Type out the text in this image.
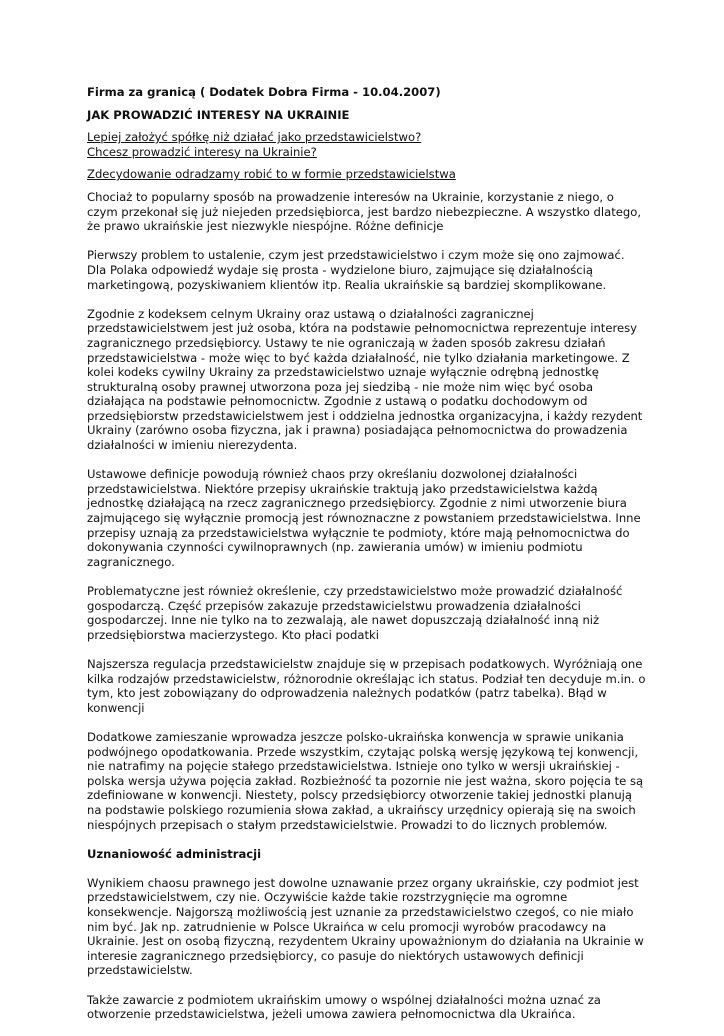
Firma za granicą ( Dodatek Dobra Firma - 10.04.2007)

JAK PROWADZIĆ INTERESY NA UKRAINIE

Lepiej założyć spółkę niż działać jako przedstawicielstwo?
Chcesz prowadzić interesy na Ukrainie?

Zdecydowanie odradzamy robić to w formie przedstawicielstwa

Chociaż to popularny sposób na prowadzenie interesów na Ukrainie, korzystanie z niego, o czym przekonał się już niejeden przedsiębiorca, jest bardzo niebezpieczne. A wszystko dlatego, że prawo ukraińskie jest niezwykle niespójne. Różne definicje

Pierwszy problem to ustalenie, czym jest przedstawicielstwo i czym może się ono zajmować. Dla Polaka odpowiedź wydaje się prosta - wydzielone biuro, zajmujące się działalnością marketingową, pozyskiwaniem klientów itp. Realia ukraińskie są bardziej skomplikowane.

Zgodnie z kodeksem celnym Ukrainy oraz ustawą o działalności zagranicznej przedstawicielstwem jest już osoba, która na podstawie pełnomocnictwa reprezentuje interesy zagranicznego przedsiębiorcy. Ustawy te nie ograniczają w żaden sposób zakresu działań przedstawicielstwa - może więc to być każda działalność, nie tylko działania marketingowe. Z kolei kodeks cywilny Ukrainy za przedstawicielstwo uznaje wyłącznie odrębną jednostkę strukturalną osoby prawnej utworzona poza jej siedzibą - nie może nim więc być osoba działająca na podstawie pełnomocnictw. Zgodnie z ustawą o podatku dochodowym od przedsiębiorstw przedstawicielstwem jest i oddzielna jednostka organizacyjna, i każdy rezydent Ukrainy (zarówno osoba fizyczna, jak i prawna) posiadająca pełnomocnictwa do prowadzenia działalności w imieniu nierezydenta.

Ustawowe definicje powodują również chaos przy określaniu dozwolonej działalności przedstawicielstwa. Niektóre przepisy ukraińskie traktują jako przedstawicielstwa każdą jednostkę działającą na rzecz zagranicznego przedsiębiorcy. Zgodnie z nimi utworzenie biura zajmującego się wyłącznie promocją jest równoznaczne z powstaniem przedstawicielstwa. Inne przepisy uznają za przedstawicielstwa wyłącznie te podmioty, które mają pełnomocnictwa do dokonywania czynności cywilnoprawnych (np. zawierania umów) w imieniu podmiotu zagranicznego.

Problematyczne jest również określenie, czy przedstawicielstwo może prowadzić działalność gospodarczą. Część przepisów zakazuje przedstawicielstwu prowadzenia działalności gospodarczej. Inne nie tylko na to zezwalają, ale nawet dopuszczają działalność inną niż przedsiębiorstwa macierzystego. Kto płaci podatki

Najszersza regulacja przedstawicielstw znajduje się w przepisach podatkowych. Wyróżniają one kilka rodzajów przedstawicielstw, różnorodnie określając ich status. Podział ten decyduje m.in. o tym, kto jest zobowiązany do odprowadzenia należnych podatków (patrz tabelka). Błąd w konwencji

Dodatkowe zamieszanie wprowadza jeszcze polsko-ukraińska konwencja w sprawie unikania podwójnego opodatkowania. Przede wszystkim, czytając polską wersję językową tej konwencji, nie natrafimy na pojęcie stałego przedstawicielstwa. Istnieje ono tylko w wersji ukraińskiej - polska wersja używa pojęcia zakład. Rozbieżność ta pozornie nie jest ważna, skoro pojęcia te są zdefiniowane w konwencji. Niestety, polscy przedsiębiorcy otworzenie takiej jednostki planują na podstawie polskiego rozumienia słowa zakład, a ukraińscy urzędnicy opierają się na swoich niespójnych przepisach o stałym przedstawicielstwie. Prowadzi to do licznych problemów.

Uznaniowość administracji

Wynikiem chaosu prawnego jest dowolne uznawanie przez organy ukraińskie, czy podmiot jest przedstawicielstwem, czy nie. Oczywiście każde takie rozstrzygnięcie ma ogromne konsekwencje. Najgorszą możliwością jest uznanie za przedstawicielstwo czegoś, co nie miało nim być. Jak np. zatrudnienie w Polsce Ukraińca w celu promocji wyrobów pracodawcy na Ukrainie. Jest on osobą fizyczną, rezydentem Ukrainy upoważnionym do działania na Ukrainie w interesie zagranicznego przedsiębiorcy, co pasuje do niektórych ustawowych definicji przedstawicielstw.

Także zawarcie z podmiotem ukraińskim umowy o wspólnej działalności można uznać za otworzenie przedstawicielstwa, jeżeli umowa zawiera pełnomocnictwa dla Ukraińca.
